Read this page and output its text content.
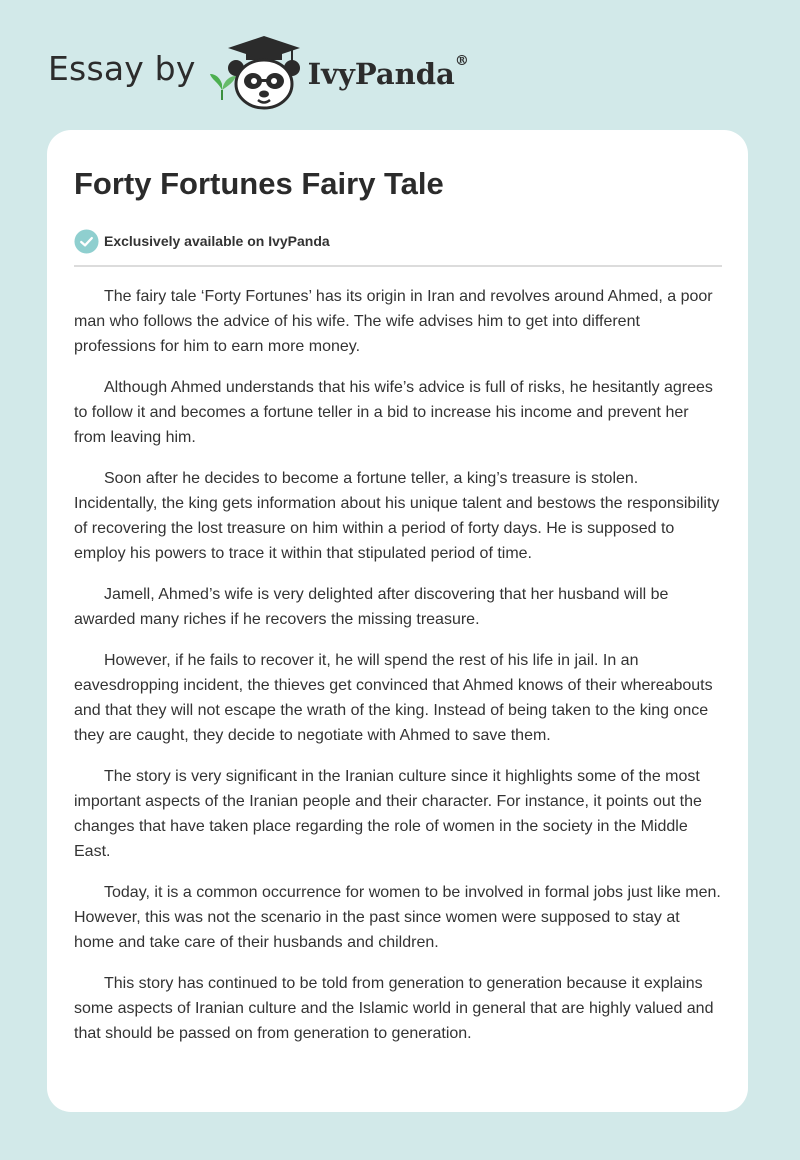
Essay by	IvyPanda®
Forty Fortunes Fairy Tale
Exclusively available on IvyPanda

The fairy tale ‘Forty Fortunes’ has its origin in Iran and revolves around Ahmed, a poor man who follows the advice of his wife. The wife advises him to get into different professions for him to earn more money.

Although Ahmed understands that his wife’s advice is full of risks, he hesitantly agrees to follow it and becomes a fortune teller in a bid to increase his income and prevent her from leaving him.

Soon after he decides to become a fortune teller, a king’s treasure is stolen. Incidentally, the king gets information about his unique talent and bestows the responsibility of recovering the lost treasure on him within a period of forty days. He is supposed to employ his powers to trace it within that stipulated period of time.

Jamell, Ahmed’s wife is very delighted after discovering that her husband will be awarded many riches if he recovers the missing treasure.

However, if he fails to recover it, he will spend the rest of his life in jail. In an eavesdropping incident, the thieves get convinced that Ahmed knows of their whereabouts and that they will not escape the wrath of the king. Instead of being taken to the king once they are caught, they decide to negotiate with Ahmed to save them.

The story is very significant in the Iranian culture since it highlights some of the most important aspects of the Iranian people and their character. For instance, it points out the changes that have taken place regarding the role of women in the society in the Middle East.

Today, it is a common occurrence for women to be involved in formal jobs just like men. However, this was not the scenario in the past since women were supposed to stay at home and take care of their husbands and children.

This story has continued to be told from generation to generation because it explains some aspects of Iranian culture and the Islamic world in general that are highly valued and that should be passed on from generation to generation.
